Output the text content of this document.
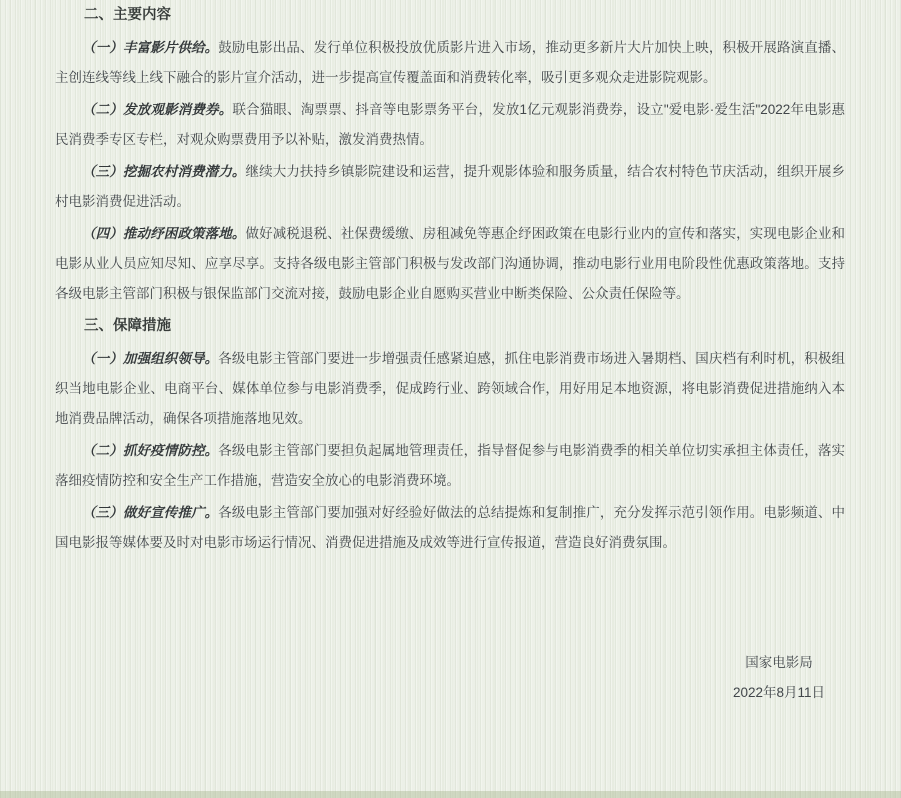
二、主要内容

（一）丰富影片供给。鼓励电影出品、发行单位积极投放优质影片进入市场，推动更多新片大片加快上映，积极开展路演直播、主创连线等线上线下融合的影片宣介活动，进一步提高宣传覆盖面和消费转化率，吸引更多观众走进影院观影。

（二）发放观影消费券。联合猫眼、淘票票、抖音等电影票务平台，发放1亿元观影消费券，设立"爱电影·爱生活"2022年电影惠民消费季专区专栏，对观众购票费用予以补贴，激发消费热情。

（三）挖掘农村消费潜力。继续大力扶持乡镇影院建设和运营，提升观影体验和服务质量，结合农村特色节庆活动，组织开展乡村电影消费促进活动。

（四）推动纾困政策落地。做好减税退税、社保费缓缴、房租减免等惠企纾困政策在电影行业内的宣传和落实，实现电影企业和电影从业人员应知尽知、应享尽享。支持各级电影主管部门积极与发改部门沟通协调，推动电影行业用电阶段性优惠政策落地。支持各级电影主管部门积极与银保监部门交流对接，鼓励电影企业自愿购买营业中断类保险、公众责任保险等。

三、保障措施

（一）加强组织领导。各级电影主管部门要进一步增强责任感紧迫感，抓住电影消费市场进入暑期档、国庆档有利时机，积极组织当地电影企业、电商平台、媒体单位参与电影消费季，促成跨行业、跨领域合作，用好用足本地资源，将电影消费促进措施纳入本地消费品牌活动，确保各项措施落地见效。

（二）抓好疫情防控。各级电影主管部门要担负起属地管理责任，指导督促参与电影消费季的相关单位切实承担主体责任，落实落细疫情防控和安全生产工作措施，营造安全放心的电影消费环境。

（三）做好宣传推广。各级电影主管部门要加强对好经验好做法的总结提炼和复制推广，充分发挥示范引领作用。电影频道、中国电影报等媒体要及时对电影市场运行情况、消费促进措施及成效等进行宣传报道，营造良好消费氛围。

国家电影局
2022年8月11日
